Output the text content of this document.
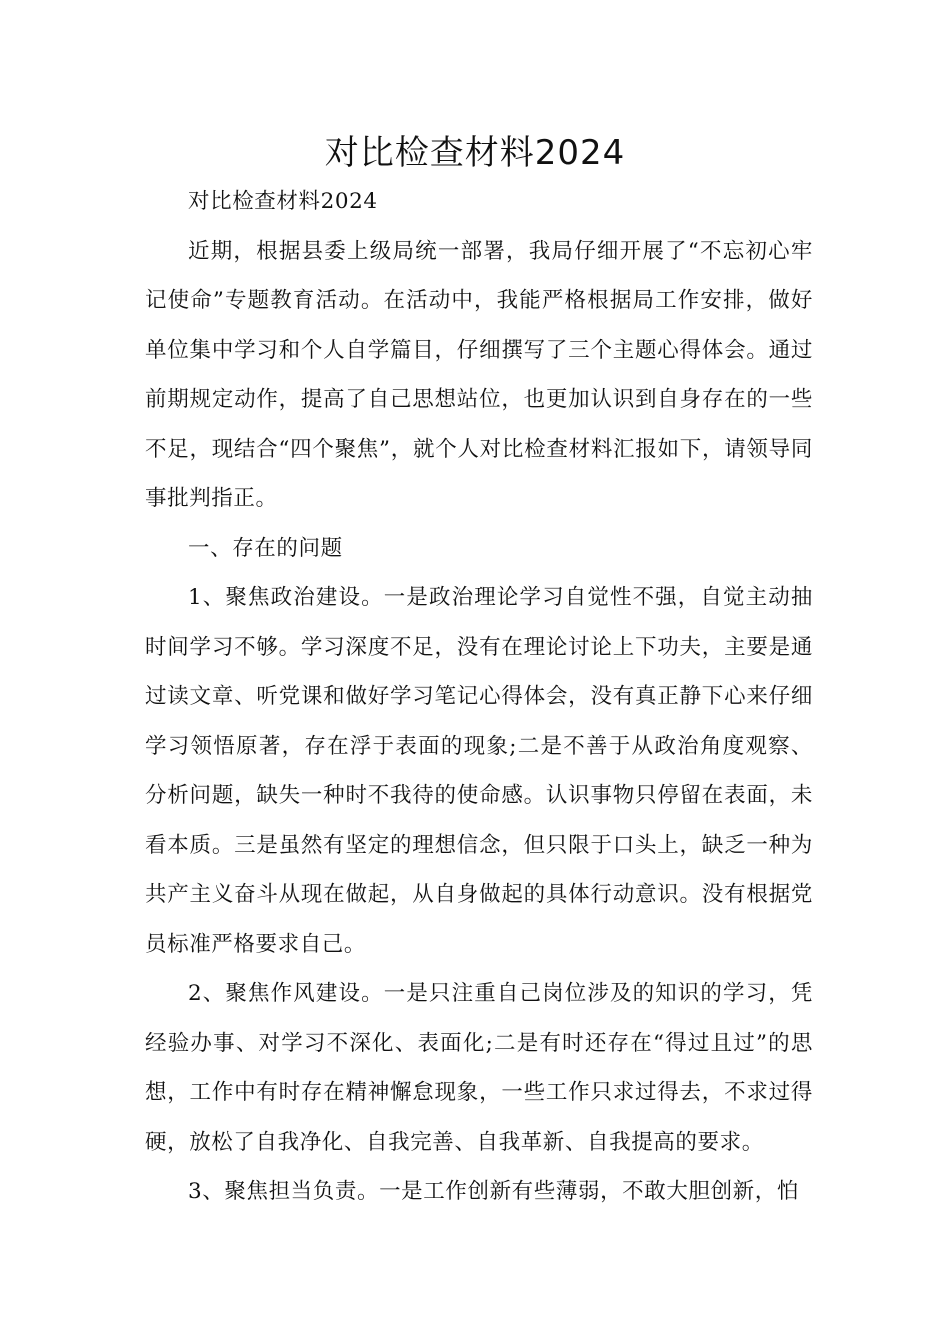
对比检查材料2024

对比检查材料2024

近期，根据县委上级局统一部署，我局仔细开展了“不忘初心牢记使命”专题教育活动。在活动中，我能严格根据局工作安排，做好单位集中学习和个人自学篇目，仔细撰写了三个主题心得体会。通过前期规定动作，提高了自己思想站位，也更加认识到自身存在的一些不足，现结合“四个聚焦”，就个人对比检查材料汇报如下，请领导同事批判指正。

一、存在的问题

1、聚焦政治建设。一是政治理论学习自觉性不强，自觉主动抽时间学习不够。学习深度不足，没有在理论讨论上下功夫，主要是通过读文章、听党课和做好学习笔记心得体会，没有真正静下心来仔细学习领悟原著，存在浮于表面的现象;二是不善于从政治角度观察、分析问题，缺失一种时不我待的使命感。认识事物只停留在表面，未看本质。三是虽然有坚定的理想信念，但只限于口头上，缺乏一种为共产主义奋斗从现在做起，从自身做起的具体行动意识。没有根据党员标准严格要求自己。

2、聚焦作风建设。一是只注重自己岗位涉及的知识的学习，凭经验办事、对学习不深化、表面化;二是有时还存在“得过且过”的思想，工作中有时存在精神懈怠现象，一些工作只求过得去，不求过得硬，放松了自我净化、自我完善、自我革新、自我提高的要求。

3、聚焦担当负责。一是工作创新有些薄弱，不敢大胆创新，怕
